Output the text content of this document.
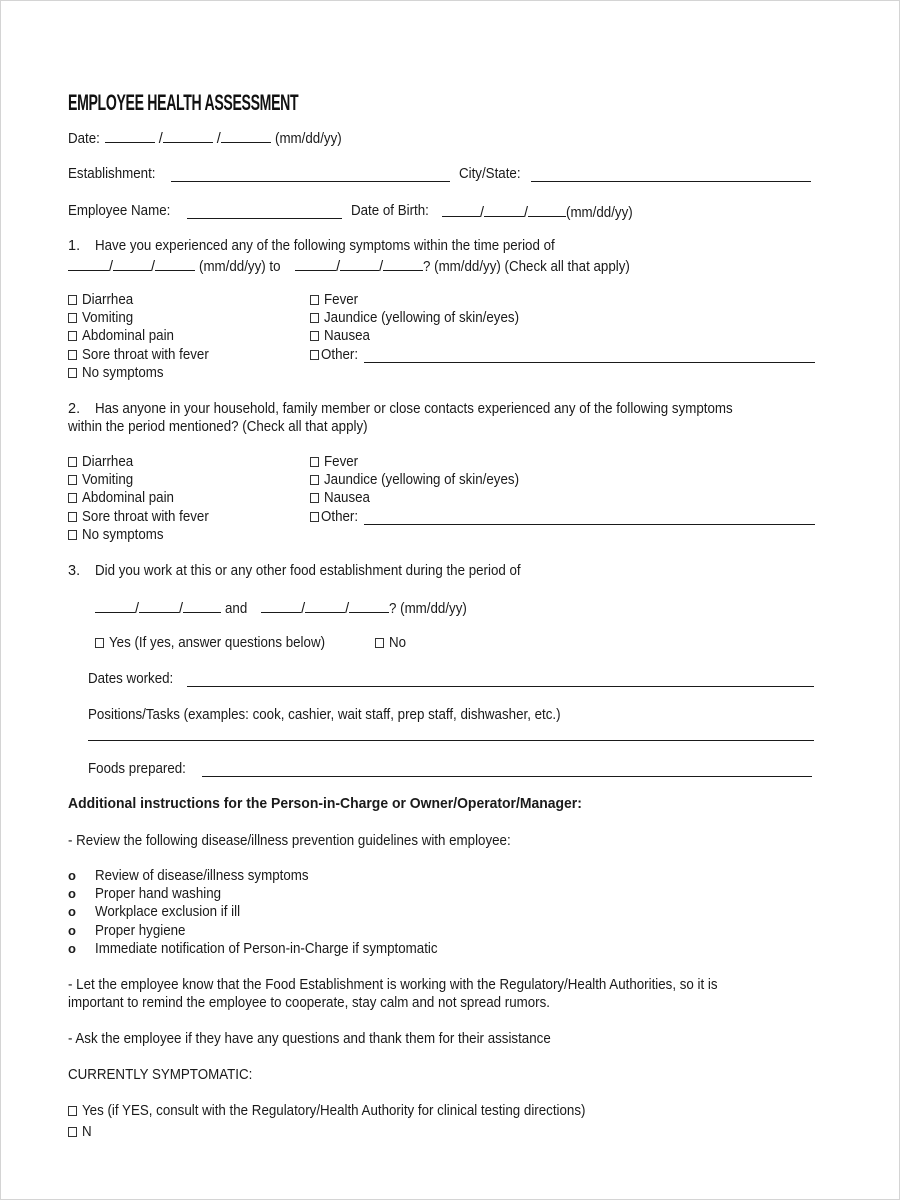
EMPLOYEE HEALTH ASSESSMENT
Date:	/	/	(mm/dd/yy)
Establishment:	City/State:
Employee Name:	Date of Birth:	/	/	(mm/dd/yy)
1. Have you experienced any of the following symptoms within the time period of
/	/	(mm/dd/yy) to	/	/	? (mm/dd/yy) (Check all that apply)
Diarrhea
Vomiting
Abdominal pain
Sore throat with fever
No symptoms
Fever
Jaundice (yellowing of skin/eyes)
Nausea
Other:
2. Has anyone in your household, family member or close contacts experienced any of the following symptoms
within the period mentioned? (Check all that apply)
Diarrhea
Vomiting
Abdominal pain
Sore throat with fever
No symptoms
Fever
Jaundice (yellowing of skin/eyes)
Nausea
Other:
3. Did you work at this or any other food establishment during the period of
/	/	and	/	/	? (mm/dd/yy)
Yes (If yes, answer questions below)	No
Dates worked:
Positions/Tasks (examples: cook, cashier, wait staff, prep staff, dishwasher, etc.)
Foods prepared:
Additional instructions for the Person-in-Charge or Owner/Operator/Manager:
- Review the following disease/illness prevention guidelines with employee:
o Review of disease/illness symptoms
o Proper hand washing
o Workplace exclusion if ill
o Proper hygiene
o Immediate notification of Person-in-Charge if symptomatic
- Let the employee know that the Food Establishment is working with the Regulatory/Health Authorities, so it is
important to remind the employee to cooperate, stay calm and not spread rumors.
- Ask the employee if they have any questions and thank them for their assistance
CURRENTLY SYMPTOMATIC:
Yes (if YES, consult with the Regulatory/Health Authority for clinical testing directions)
N
